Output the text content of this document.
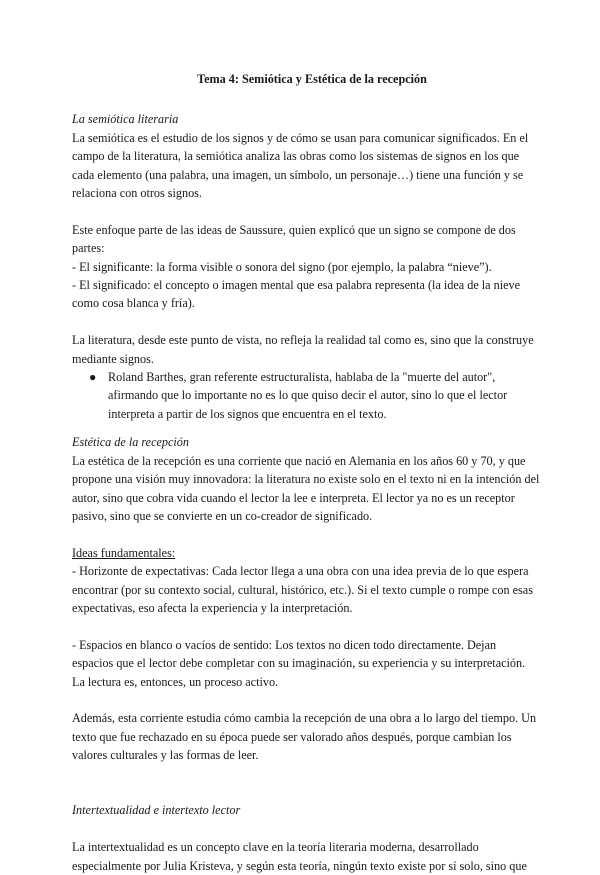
Tema 4: Semiótica y Estética de la recepción

La semiótica literaria

La semiótica es el estudio de los signos y de cómo se usan para comunicar significados. En el campo de la literatura, la semiótica analiza las obras como los sistemas de signos en los que cada elemento (una palabra, una imagen, un símbolo, un personaje…) tiene una función y se relaciona con otros signos.

Este enfoque parte de las ideas de Saussure, quien explicó que un signo se compone de dos partes:

- El significante: la forma visible o sonora del signo (por ejemplo, la palabra “nieve”).

- El significado: el concepto o imagen mental que esa palabra representa (la idea de la nieve como cosa blanca y fría).

La literatura, desde este punto de vista, no refleja la realidad tal como es, sino que la construye mediante signos.

● Roland Barthes, gran referente estructuralista, hablaba de la "muerte del autor", afirmando que lo importante no es lo que quiso decir el autor, sino lo que el lector interpreta a partir de los signos que encuentra en el texto.

Estética de la recepción

La estética de la recepción es una corriente que nació en Alemania en los años 60 y 70, y que propone una visión muy innovadora: la literatura no existe solo en el texto ni en la intención del autor, sino que cobra vida cuando el lector la lee e interpreta. El lector ya no es un receptor pasivo, sino que se convierte en un co-creador de significado.

Ideas fundamentales:

- Horizonte de expectativas: Cada lector llega a una obra con una idea previa de lo que espera encontrar (por su contexto social, cultural, histórico, etc.). Si el texto cumple o rompe con esas expectativas, eso afecta la experiencia y la interpretación.

- Espacios en blanco o vacíos de sentido: Los textos no dicen todo directamente. Dejan espacios que el lector debe completar con su imaginación, su experiencia y su interpretación. La lectura es, entonces, un proceso activo.

Además, esta corriente estudia cómo cambia la recepción de una obra a lo largo del tiempo. Un texto que fue rechazado en su época puede ser valorado años después, porque cambian los valores culturales y las formas de leer.

Intertextualidad e intertexto lector

La intertextualidad es un concepto clave en la teoría literaria moderna, desarrollado especialmente por Julia Kristeva, y según esta teoría, ningún texto existe por sí solo, sino que
